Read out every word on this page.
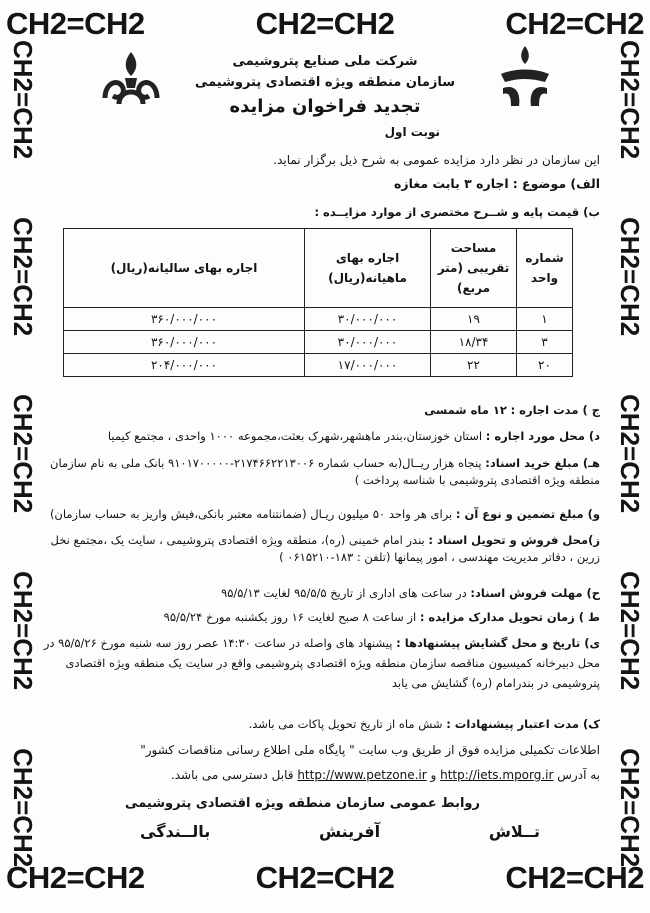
CH2=CH2	CH2=CH2	CH2=CH2
CH2=CH2        CH2=CH2        CH2=CH2        CH2=CH2        CH2=CH2
CH2=CH2        CH2=CH2        CH2=CH2        CH2=CH2        CH2=CH2
شرکت ملی صنایع پتروشیمی
سازمان منطقه ویژه اقتصادی پتروشیمی
تجدید فراخوان مزایده
نوبت اول
این سازمان در نظر دارد مزایده عمومی به شرح ذیل برگزار نماید.
الف) موضوع : اجاره ۳ بابت مغازه
ب) قیمت پایه و شــرح مختصری از موارد مزایــده :
شماره واحد	مساحت تقریبی (متر مربع)	اجاره بهای ماهیانه(ریال)	اجاره بهای سالیانه(ریال)
۱	۱۹	۳۰/۰۰۰/۰۰۰	۳۶۰/۰۰۰/۰۰۰
۳	۱۸/۳۴	۳۰/۰۰۰/۰۰۰	۳۶۰/۰۰۰/۰۰۰
۲۰	۲۲	۱۷/۰۰۰/۰۰۰	۲۰۴/۰۰۰/۰۰۰
ج ) مدت اجاره : ۱۲ ماه شمسی
د) محل مورد اجاره : استان خوزستان،بندر ماهشهر،شهرک بعثت،مجموعه ۱۰۰۰ واحدی ، مجتمع کیمیا
هـ) مبلغ خرید اسناد: پنجاه هزار ریــال(به حساب شماره ۲۱۷۴۶۶۲۲۱۳۰۰۶-۹۱۰۱۷۰۰۰۰۰ بانک ملی به نام سازمان منطقه ویژه اقتصادی پتروشیمی با شناسه پرداخت )
و) مبلغ تضمین و نوع آن : برای هر واحد ۵۰ میلیون ریـال (ضمانتنامه معتبر بانکی،فیش واریز به حساب سازمان)
ز)محل فروش و تحویل اسناد : بندر امام خمینی (ره)، منطقه ویژه اقتصادی پتروشیمی ، سایت یک ،مجتمع نخل زرین ، دفاتر مدیریت مهندسی ، امور پیمانها (تلفن : ۱۸۳-۰۶۱۵۲۱۰ )
ح) مهلت فروش اسناد: در ساعت های اداری از تاریخ ۹۵/۵/۵ لغایت ۹۵/۵/۱۳
ط ) زمان تحویل مدارک مزایده : از ساعت ۸ صبح لغایت ۱۶ روز یکشنبه مورخ ۹۵/۵/۲۴
ی) تاریخ و محل گشایش پیشنهادها : پیشنهاد های واصله در ساعت ۱۴:۳۰ عصر روز سه شنبه مورخ ۹۵/۵/۲۶ در محل دبیرخانه کمیسیون مناقصه سازمان منطقه ویژه اقتصادی پتروشیمی واقع در سایت یک منطقه ویژه اقتصادی پتروشیمی در بندرامام (ره) گشایش می یابد
ک) مدت اعتبار پیشنهادات : شش ماه از تاریخ تحویل پاکات می باشد.
اطلاعات تکمیلی مزایده فوق از طریق وب سایت " پایگاه ملی اطلاع رسانی مناقصات کشور"
به آدرس http://iets.mporg.ir و http://www.petzone.ir قابل دسترسی می باشد.
روابط عمومی سازمان منطقه ویژه اقتصادی پتروشیمی
تــلاش
آفرینش
بالــندگی
CH2=CH2	CH2=CH2	CH2=CH2
